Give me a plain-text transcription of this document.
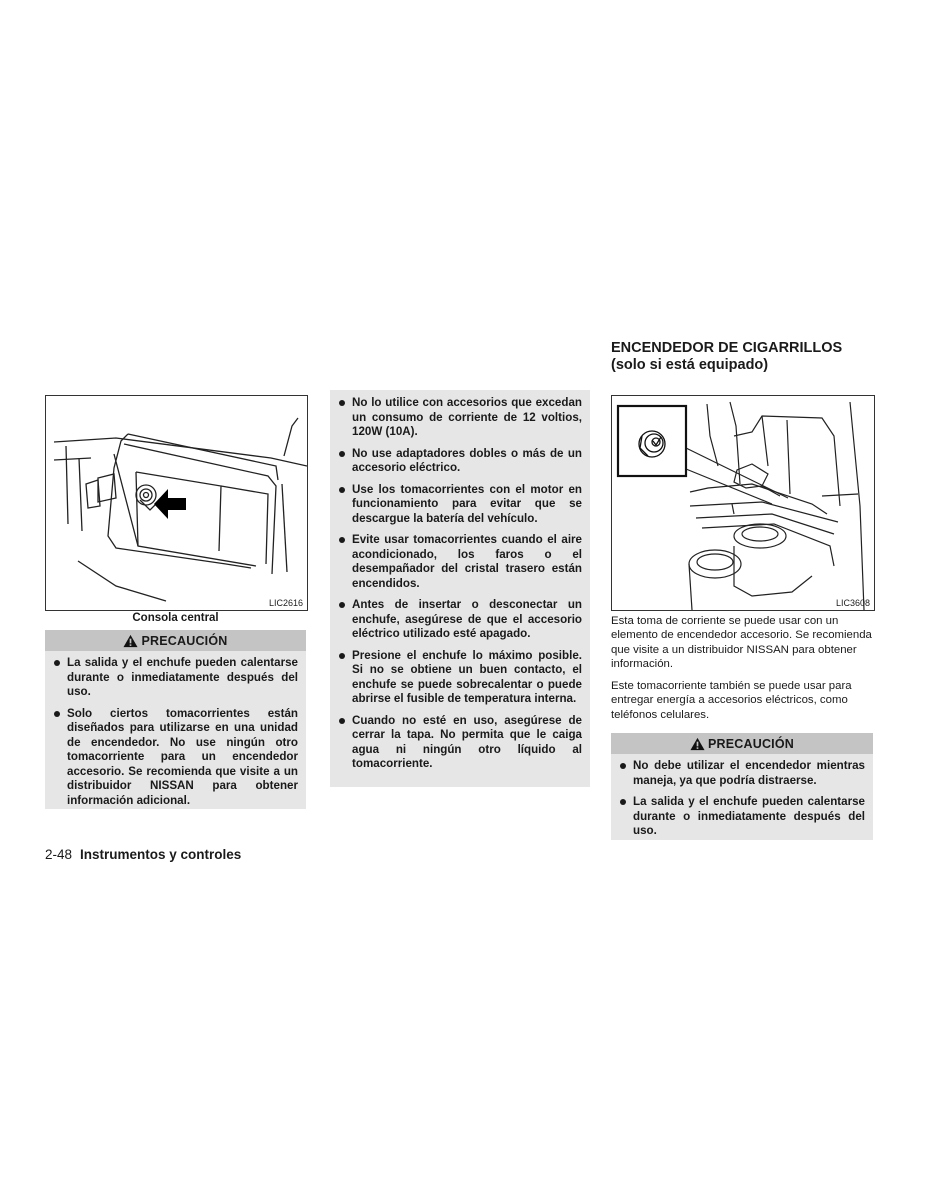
LIC2616
Consola central
PRECAUCIÓN
La salida y el enchufe pueden calentarse durante o inmediatamente después del uso.
Solo ciertos tomacorrientes están diseñados para utilizarse en una unidad de encendedor. No use ningún otro tomacorriente para un encendedor accesorio. Se recomienda que visite a un distribuidor NISSAN para obtener información adicional.
No lo utilice con accesorios que excedan un consumo de corriente de 12 voltios, 120W (10A).
No use adaptadores dobles o más de un accesorio eléctrico.
Use los tomacorrientes con el motor en funcionamiento para evitar que se descargue la batería del vehículo.
Evite usar tomacorrientes cuando el aire acondicionado, los faros o el desempañador del cristal trasero están encendidos.
Antes de insertar o desconectar un enchufe, asegúrese de que el accesorio eléctrico utilizado esté apagado.
Presione el enchufe lo máximo posible. Si no se obtiene un buen contacto, el enchufe se puede sobrecalentar o puede abrirse el fusible de temperatura interna.
Cuando no esté en uso, asegúrese de cerrar la tapa. No permita que le caiga agua ni ningún otro líquido al tomacorriente.
ENCENDEDOR DE CIGARRILLOS
(solo si está equipado)
LIC3608
Esta toma de corriente se puede usar con un elemento de encendedor accesorio. Se recomienda que visite a un distribuidor NISSAN para obtener información.
Este tomacorriente también se puede usar para entregar energía a accesorios eléctricos, como teléfonos celulares.
PRECAUCIÓN
No debe utilizar el encendedor mientras maneja, ya que podría distraerse.
La salida y el enchufe pueden calentarse durante o inmediatamente después del uso.
2-48 Instrumentos y controles
